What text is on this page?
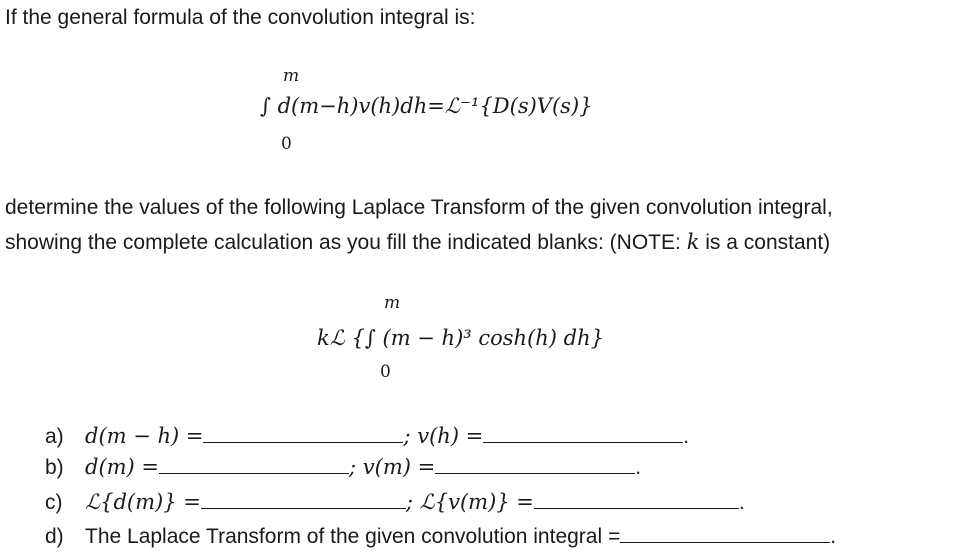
If the general formula of the convolution integral is:
m
∫ d(m−h)v(h)dh=ℒ⁻¹{D(s)V(s)}
0
determine the values of the following Laplace Transform of the given convolution integral,
showing the complete calculation as you fill the indicated blanks: (NOTE: k is a constant)
m
kℒ {∫ (m − h)³ cosh(h) dh}
0
a)	d(m − h) =	; v(h) =	.
b)	d(m) =	; v(m) =	.
c)	ℒ{d(m)} =	; ℒ{v(m)} =	.
d)	The Laplace Transform of the given convolution integral =	.
